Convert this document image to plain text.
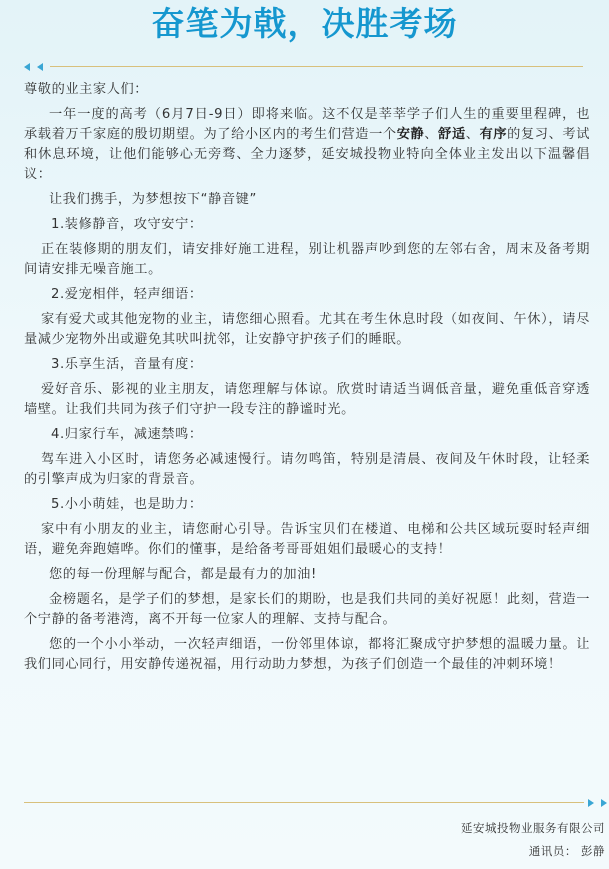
奋笔为戟，决胜考场

尊敬的业主家人们：

一年一度的高考（6月7日-9日）即将来临。这不仅是莘莘学子们人生的重要里程碑，也承载着万千家庭的殷切期望。为了给小区内的考生们营造一个安静、舒适、有序的复习、考试和休息环境，让他们能够心无旁骛、全力逐梦，延安城投物业特向全体业主发出以下温馨倡议：

让我们携手，为梦想按下“静音键”

1.装修静音，攻守安宁：

正在装修期的朋友们，请安排好施工进程，别让机器声吵到您的左邻右舍，周末及备考期间请安排无噪音施工。

2.爱宠相伴，轻声细语：

家有爱犬或其他宠物的业主，请您细心照看。尤其在考生休息时段（如夜间、午休），请尽量减少宠物外出或避免其吠叫扰邻，让安静守护孩子们的睡眠。

3.乐享生活，音量有度：

爱好音乐、影视的业主朋友，请您理解与体谅。欣赏时请适当调低音量，避免重低音穿透墙壁。让我们共同为孩子们守护一段专注的静谧时光。

4.归家行车，减速禁鸣：

驾车进入小区时，请您务必减速慢行。请勿鸣笛，特别是清晨、夜间及午休时段，让轻柔的引擎声成为归家的背景音。

5.小小萌娃，也是助力：

家中有小朋友的业主，请您耐心引导。告诉宝贝们在楼道、电梯和公共区域玩耍时轻声细语，避免奔跑嬉哗。你们的懂事，是给备考哥哥姐姐们最暖心的支持！

您的每一份理解与配合，都是最有力的加油!

金榜题名，是学子们的梦想，是家长们的期盼，也是我们共同的美好祝愿！此刻，营造一个宁静的备考港湾，离不开每一位家人的理解、支持与配合。

您的一个小小举动，一次轻声细语，一份邻里体谅，都将汇聚成守护梦想的温暖力量。让我们同心同行，用安静传递祝福，用行动助力梦想，为孩子们创造一个最佳的冲刺环境！

延安城投物业服务有限公司
通讯员： 彭静
